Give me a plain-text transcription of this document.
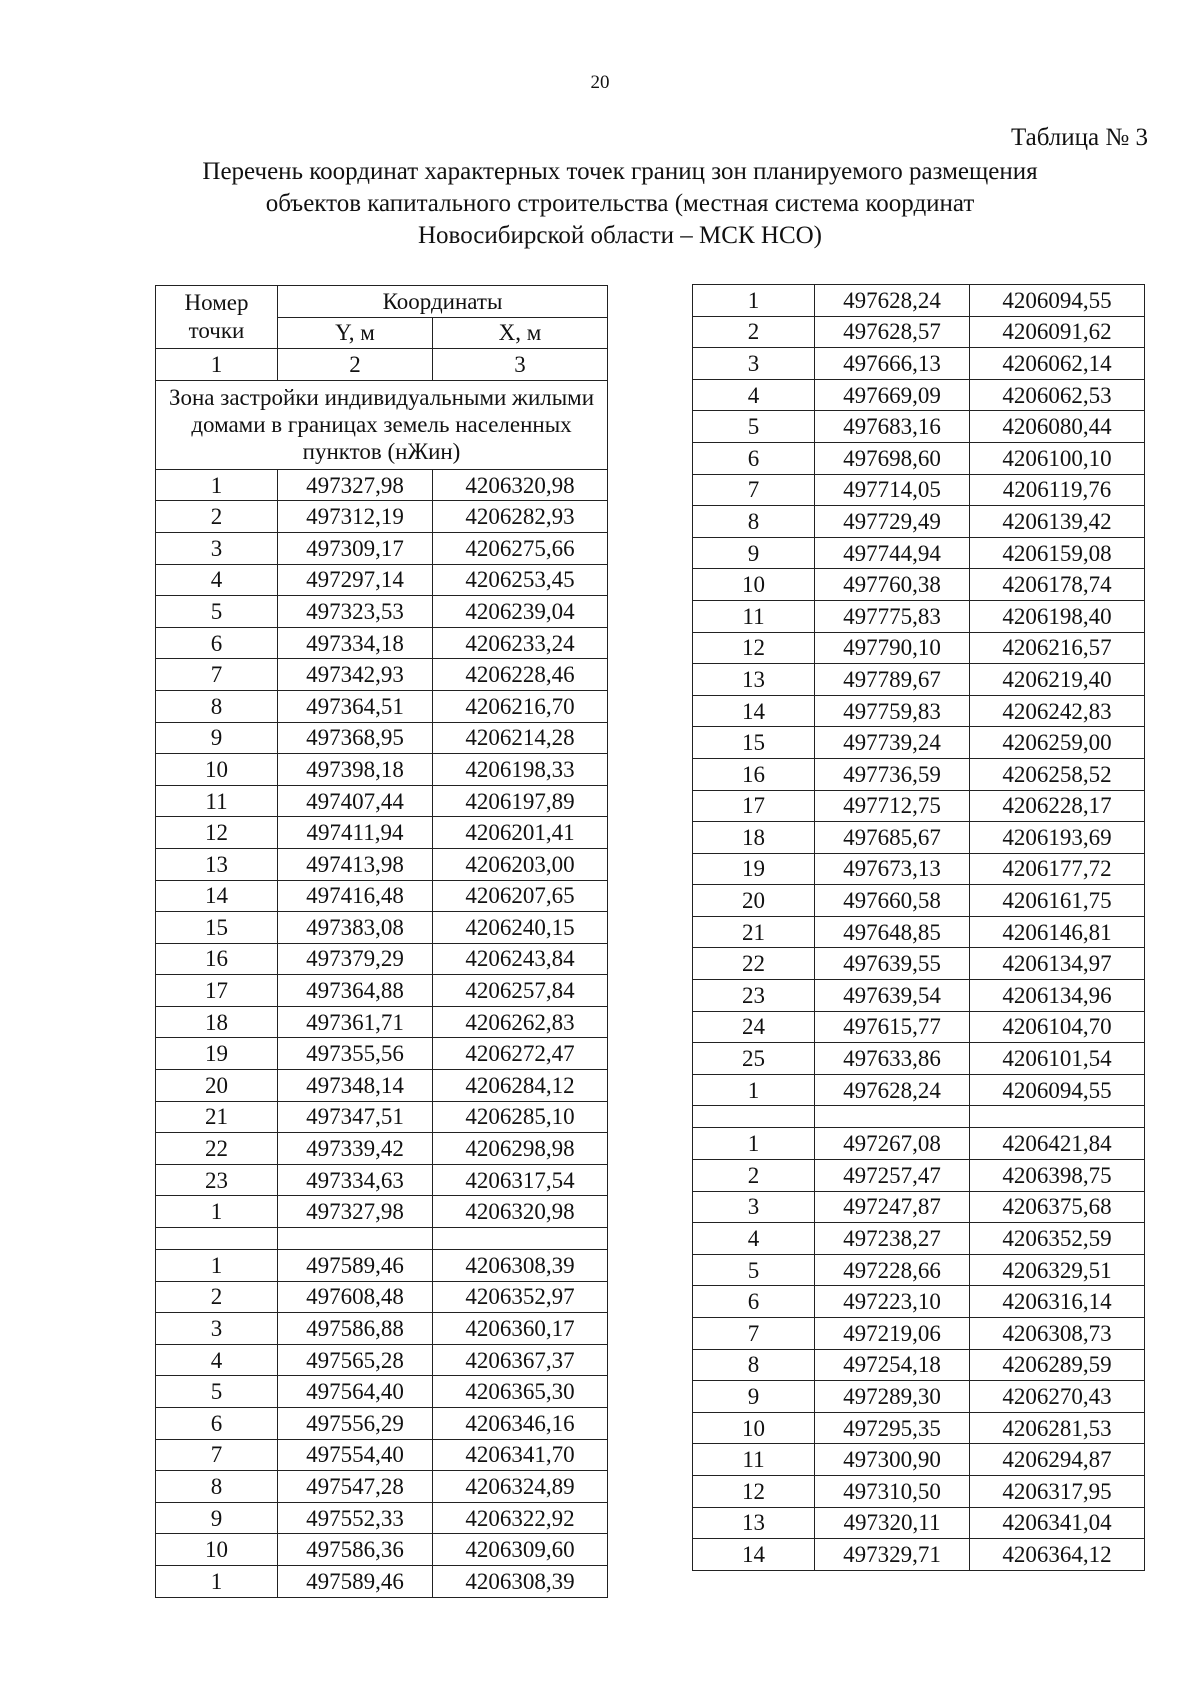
20
Таблица № 3
Перечень координат характерных точек границ зон планируемого размещения
объектов капитального строительства (местная система координат
Новосибирской области – МСК НСО)
Номер точки	Координаты	
	Y, м	X, м
1	2	3
Зона застройки индивидуальными жилыми домами в границах земель населенных пунктов (нЖин)		
1	497327,98	4206320,98
2	497312,19	4206282,93
3	497309,17	4206275,66
4	497297,14	4206253,45
5	497323,53	4206239,04
6	497334,18	4206233,24
7	497342,93	4206228,46
8	497364,51	4206216,70
9	497368,95	4206214,28
10	497398,18	4206198,33
11	497407,44	4206197,89
12	497411,94	4206201,41
13	497413,98	4206203,00
14	497416,48	4206207,65
15	497383,08	4206240,15
16	497379,29	4206243,84
17	497364,88	4206257,84
18	497361,71	4206262,83
19	497355,56	4206272,47
20	497348,14	4206284,12
21	497347,51	4206285,10
22	497339,42	4206298,98
23	497334,63	4206317,54
1	497327,98	4206320,98

1	497589,46	4206308,39
2	497608,48	4206352,97
3	497586,88	4206360,17
4	497565,28	4206367,37
5	497564,40	4206365,30
6	497556,29	4206346,16
7	497554,40	4206341,70
8	497547,28	4206324,89
9	497552,33	4206322,92
10	497586,36	4206309,60
1	497589,46	4206308,39
1	497628,24	4206094,55
2	497628,57	4206091,62
3	497666,13	4206062,14
4	497669,09	4206062,53
5	497683,16	4206080,44
6	497698,60	4206100,10
7	497714,05	4206119,76
8	497729,49	4206139,42
9	497744,94	4206159,08
10	497760,38	4206178,74
11	497775,83	4206198,40
12	497790,10	4206216,57
13	497789,67	4206219,40
14	497759,83	4206242,83
15	497739,24	4206259,00
16	497736,59	4206258,52
17	497712,75	4206228,17
18	497685,67	4206193,69
19	497673,13	4206177,72
20	497660,58	4206161,75
21	497648,85	4206146,81
22	497639,55	4206134,97
23	497639,54	4206134,96
24	497615,77	4206104,70
25	497633,86	4206101,54
1	497628,24	4206094,55

1	497267,08	4206421,84
2	497257,47	4206398,75
3	497247,87	4206375,68
4	497238,27	4206352,59
5	497228,66	4206329,51
6	497223,10	4206316,14
7	497219,06	4206308,73
8	497254,18	4206289,59
9	497289,30	4206270,43
10	497295,35	4206281,53
11	497300,90	4206294,87
12	497310,50	4206317,95
13	497320,11	4206341,04
14	497329,71	4206364,12
